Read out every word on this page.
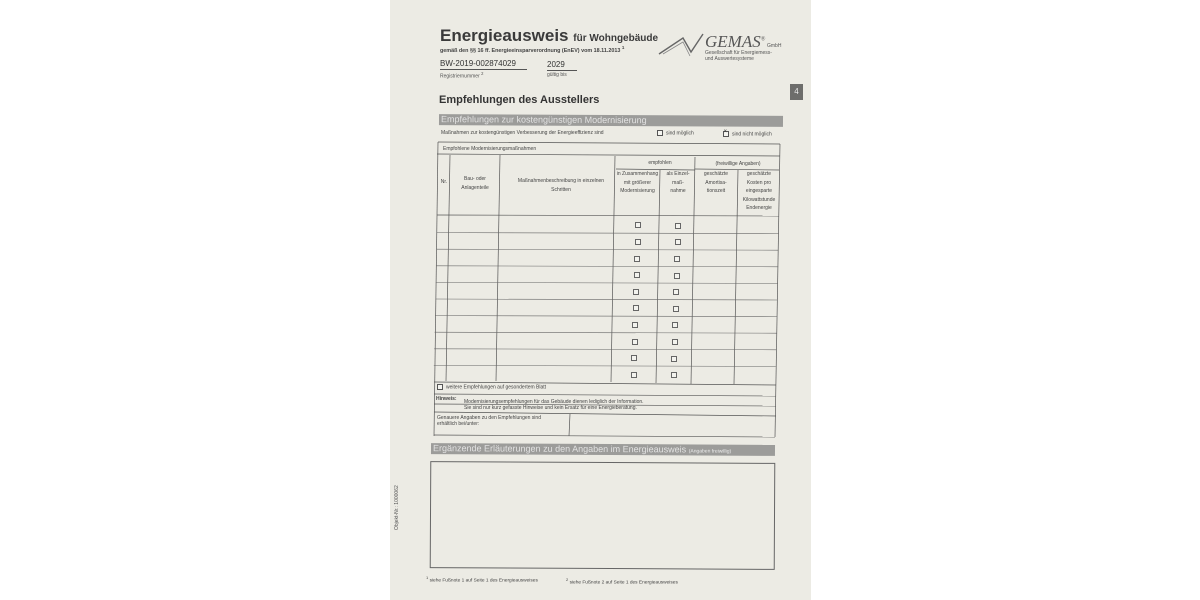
Energieausweis für Wohngebäude
gemäß den §§ 16 ff. Energieeinsparverordnung (EnEV) vom 18.11.2013 $^1$
BW-2019-002874029
Registriernummer $^2$
2029
gültig bis
GEMAS®
GmbH
Gesellschaft für Energiemess-
und Auswertesysteme
4
Empfehlungen des Ausstellers
Empfehlungen zur kostengünstigen Modernisierung
Maßnahmen zur kostengünstigen Verbesserung der Energieeffizienz sind	sind möglich
×	sind nicht möglich
Empfohlene Modernisierungsmaßnahmen
Nr.	Bau- oder Anlagenteile
Maßnahmenbeschreibung in einzelnen Schritten
empfohlen
in Zusammenhang mit größerer Modernisierung
als Einzel-maß-nahme
(freiwillige Angaben)
geschätzte Amortisa-tionszeit
geschätzte Kosten pro eingesparte Kilowattstunde Endenergie
weitere Empfehlungen auf gesondertem Blatt
Hinweis: Modernisierungsempfehlungen für das Gebäude dienen lediglich der Information.
Sie sind nur kurz gefasste Hinweise und kein Ersatz für eine Energieberatung.
Genauere Angaben zu den Empfehlungen sind
erhältlich bei/unter:
Ergänzende Erläuterungen zu den Angaben im Energieausweis (Angaben freiwillig)
$^1$ siehe Fußnote 1 auf Seite 1 des Energieausweises	$^2$ siehe Fußnote 2 auf Seite 1 des Energieausweises
Objekt-Nr.: 1000062
